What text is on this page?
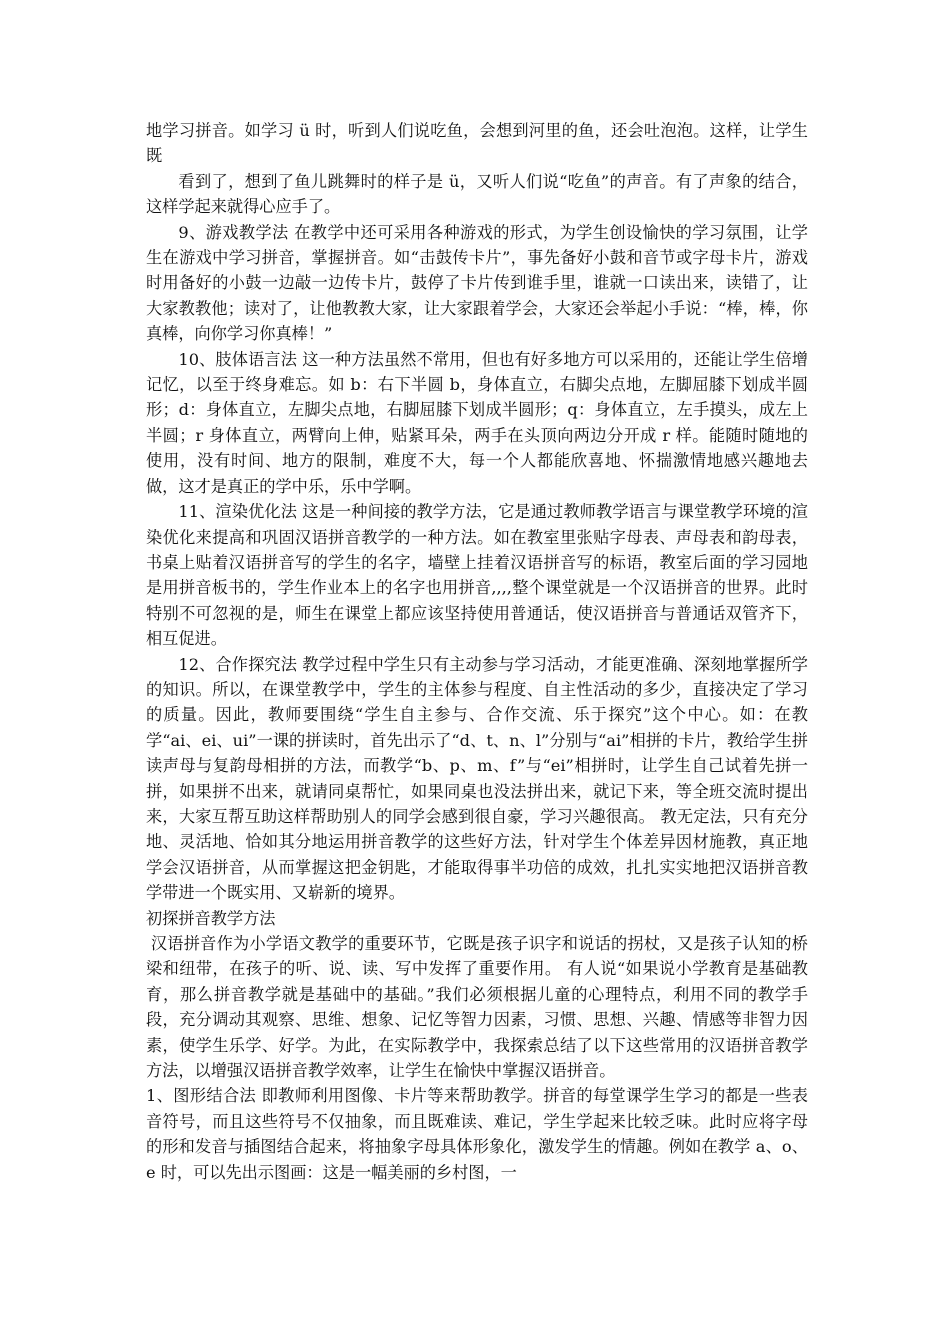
地学习拼音。如学习 ü 时，听到人们说吃鱼，会想到河里的鱼，还会吐泡泡。这样，让学生既

看到了，想到了鱼儿跳舞时的样子是 ü，又听人们说“吃鱼”的声音。有了声象的结合，这样学起来就得心应手了。

9、游戏教学法 在教学中还可采用各种游戏的形式，为学生创设愉快的学习氛围，让学生在游戏中学习拼音，掌握拼音。如“击鼓传卡片”，事先备好小鼓和音节或字母卡片，游戏时用备好的小鼓一边敲一边传卡片，鼓停了卡片传到谁手里，谁就一口读出来，读错了，让大家教教他；读对了，让他教教大家，让大家跟着学会，大家还会举起小手说：“棒，棒，你真棒，向你学习你真棒！”

10、肢体语言法 这一种方法虽然不常用，但也有好多地方可以采用的，还能让学生倍增记忆，以至于终身难忘。如 b：右下半圆 b，身体直立，右脚尖点地，左脚屈膝下划成半圆形；d：身体直立，左脚尖点地，右脚屈膝下划成半圆形；q：身体直立，左手摸头，成左上半圆；r 身体直立，两臂向上伸，贴紧耳朵，两手在头顶向两边分开成 r 样。能随时随地的使用，没有时间、地方的限制，难度不大，每一个人都能欣喜地、怀揣激情地感兴趣地去做，这才是真正的学中乐，乐中学啊。

11、渲染优化法 这是一种间接的教学方法，它是通过教师教学语言与课堂教学环境的渲染优化来提高和巩固汉语拼音教学的一种方法。如在教室里张贴字母表、声母表和韵母表，书桌上贴着汉语拼音写的学生的名字，墙壁上挂着汉语拼音写的标语，教室后面的学习园地是用拼音板书的，学生作业本上的名字也用拼音,,,,整个课堂就是一个汉语拼音的世界。此时特别不可忽视的是，师生在课堂上都应该坚持使用普通话，使汉语拼音与普通话双管齐下，相互促进。

12、合作探究法 教学过程中学生只有主动参与学习活动，才能更准确、深刻地掌握所学的知识。所以，在课堂教学中，学生的主体参与程度、自主性活动的多少，直接决定了学习的质量。因此，教师要围绕“学生自主参与、合作交流、乐于探究”这个中心。如：在教学“ai、ei、ui”一课的拼读时，首先出示了“d、t、n、l”分别与“ai”相拼的卡片，教给学生拼读声母与复韵母相拼的方法，而教学“b、p、m、f”与“ei”相拼时，让学生自己试着先拼一拼，如果拼不出来，就请同桌帮忙，如果同桌也没法拼出来，就记下来，等全班交流时提出来，大家互帮互助这样帮助别人的同学会感到很自豪，学习兴趣很高。 教无定法，只有充分地、灵活地、恰如其分地运用拼音教学的这些好方法，针对学生个体差异因材施教，真正地学会汉语拼音，从而掌握这把金钥匙，才能取得事半功倍的成效，扎扎实实地把汉语拼音教学带进一个既实用、又崭新的境界。

初探拼音教学方法

汉语拼音作为小学语文教学的重要环节，它既是孩子识字和说话的拐杖，又是孩子认知的桥梁和纽带，在孩子的听、说、读、写中发挥了重要作用。 有人说“如果说小学教育是基础教育，那么拼音教学就是基础中的基础。”我们必须根据儿童的心理特点，利用不同的教学手段，充分调动其观察、思维、想象、记忆等智力因素，习惯、思想、兴趣、情感等非智力因素，使学生乐学、好学。为此，在实际教学中，我探索总结了以下这些常用的汉语拼音教学方法，以增强汉语拼音教学效率，让学生在愉快中掌握汉语拼音。

1、图形结合法 即教师利用图像、卡片等来帮助教学。拼音的每堂课学生学习的都是一些表音符号，而且这些符号不仅抽象，而且既难读、难记，学生学起来比较乏味。此时应将字母的形和发音与插图结合起来，将抽象字母具体形象化，激发学生的情趣。例如在教学 a、o、e 时，可以先出示图画：这是一幅美丽的乡村图，一
